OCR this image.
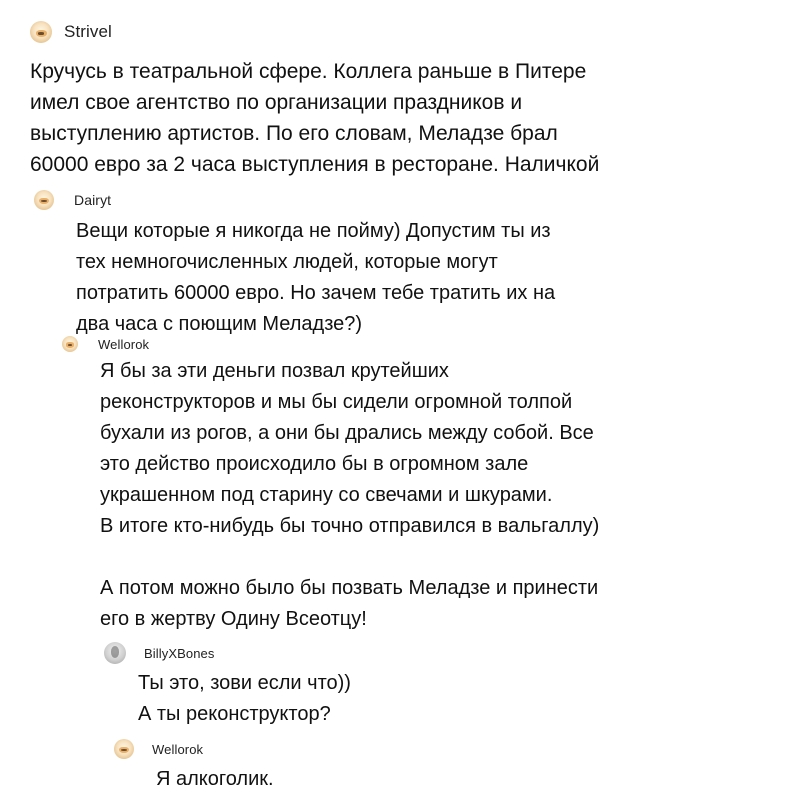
Strivel

Кручусь в театральной сфере. Коллега раньше в Питере

имел свое агентство по организации праздников и

выступлению артистов. По его словам, Меладзе брал

60000 евро за 2 часа выступления в ресторане. Наличкой

Dairyt

Вещи которые я никогда не пойму) Допустим ты из

тех немногочисленных людей, которые могут

потратить 60000 евро. Но зачем тебе тратить их на

два часа с поющим Меладзе?)

Wellorok

Я бы за эти деньги позвал крутейших

реконструкторов и мы бы сидели огромной толпой

бухали из рогов, а они бы дрались между собой. Все

это действо происходило бы в огромном зале

украшенном под старину со свечами и шкурами.

В итоге кто-нибудь бы точно отправился в вальгаллу)

А потом можно было бы позвать Меладзе и принести

его в жертву Одину Всеотцу!

BillyXBones

Ты это, зови если что))

А ты реконструктор?

Wellorok

Я алкоголик.
